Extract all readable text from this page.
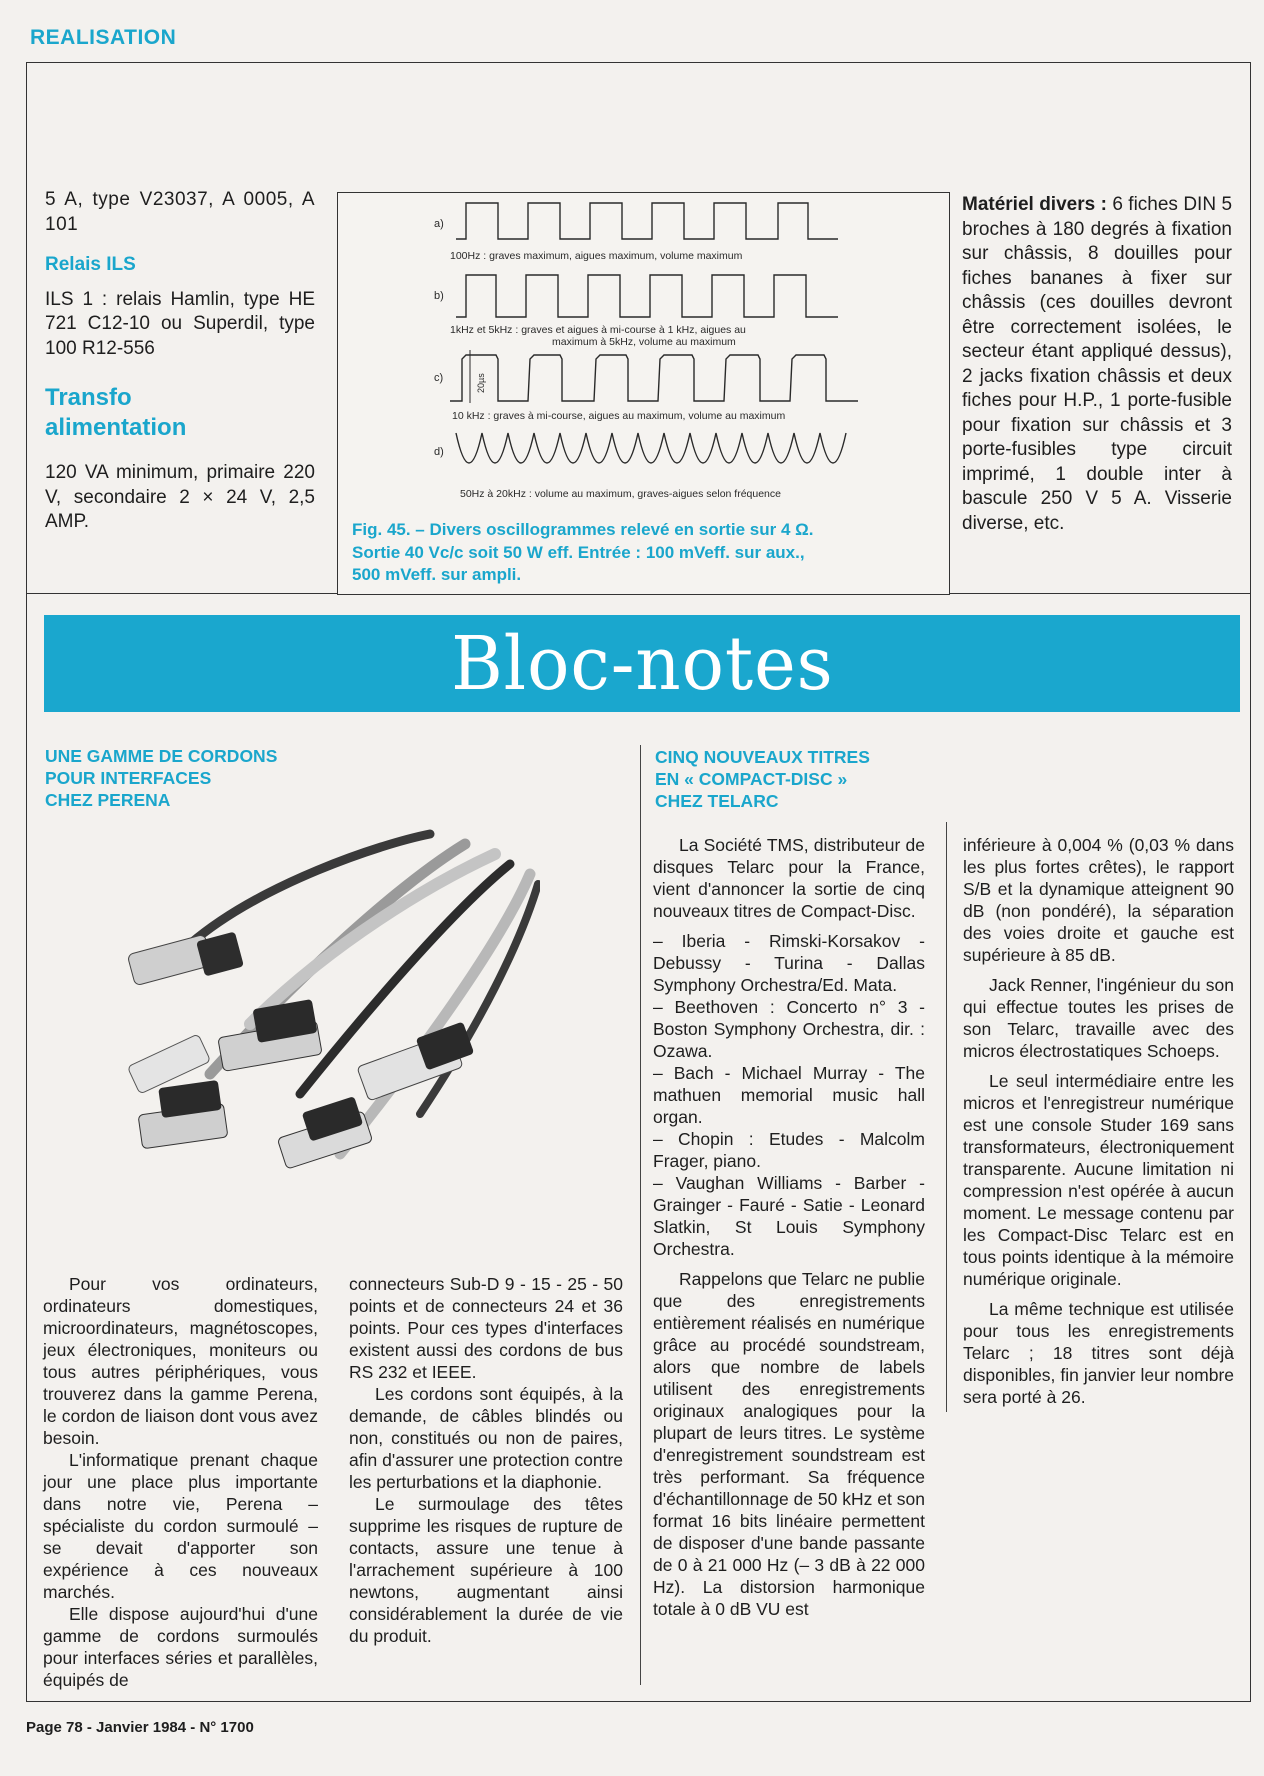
REALISATION

5 A, type V23037, A 0005, A 101

Relais ILS

ILS 1 : relais Hamlin, type HE 721 C12-10 ou Superdil, type 100 R12-556

Transfo alimentation

120 VA minimum, primaire 220 V, secondaire 2 × 24 V, 2,5 AMP.

a)
b)
c)
d)
100Hz : graves maximum, aigues maximum, volume maximum
1kHz et 5kHz : graves et aigues à mi-course à 1 kHz, aigues au
maximum à 5kHz, volume au maximum
20µs
10 kHz : graves à mi-course, aigues au maximum, volume au maximum
50Hz à 20kHz : volume au maximum, graves-aigues selon fréquence
Fig. 45. – Divers oscillogrammes relevé en sortie sur 4 Ω.
Sortie 40 Vc/c soit 50 W eff. Entrée : 100 mVeff. sur aux.,
500 mVeff. sur ampli.
Matériel divers : 6 fiches DIN 5 broches à 180 degrés à fixation sur châssis, 8 douilles pour fiches bananes à fixer sur châssis (ces douilles devront être correctement isolées, le secteur étant appliqué dessus), 2 jacks fixation châssis et deux fiches pour H.P., 1 porte-fusible pour fixation sur châssis et 3 porte-fusibles type circuit imprimé, 1 double inter à bascule 250 V 5 A. Visserie diverse, etc.
Bloc-notes
UNE GAMME DE CORDONS
POUR INTERFACES
CHEZ PERENA

Pour vos ordinateurs, ordinateurs domestiques, microordinateurs, magnétoscopes, jeux électroniques, moniteurs ou tous autres périphériques, vous trouverez dans la gamme Perena, le cordon de liaison dont vous avez besoin.

L'informatique prenant chaque jour une place plus importante dans notre vie, Perena – spécialiste du cordon surmoulé – se devait d'apporter son expérience à ces nouveaux marchés.

Elle dispose aujourd'hui d'une gamme de cordons surmoulés pour interfaces séries et parallèles, équipés de

connecteurs Sub-D 9 - 15 - 25 - 50 points et de connecteurs 24 et 36 points. Pour ces types d'interfaces existent aussi des cordons de bus RS 232 et IEEE.

Les cordons sont équipés, à la demande, de câbles blindés ou non, constitués ou non de paires, afin d'assurer une protection contre les perturbations et la diaphonie.

Le surmoulage des têtes supprime les risques de rupture de contacts, assure une tenue à l'arrachement supérieure à 100 newtons, augmentant ainsi considérablement la durée de vie du produit.

CINQ NOUVEAUX TITRES
EN « COMPACT-DISC »
CHEZ TELARC

La Société TMS, distributeur de disques Telarc pour la France, vient d'annoncer la sortie de cinq nouveaux titres de Compact-Disc.

– Iberia - Rimski-Korsakov - Debussy - Turina - Dallas Symphony Orchestra/Ed. Mata.

– Beethoven : Concerto n° 3 - Boston Symphony Orchestra, dir. : Ozawa.

– Bach - Michael Murray - The mathuen memorial music hall organ.

– Chopin : Etudes - Malcolm Frager, piano.

– Vaughan Williams - Barber - Grainger - Fauré - Satie - Leonard Slatkin, St Louis Symphony Orchestra.

Rappelons que Telarc ne publie que des enregistrements entièrement réalisés en numérique grâce au procédé soundstream, alors que nombre de labels utilisent des enregistrements originaux analogiques pour la plupart de leurs titres. Le système d'enregistrement soundstream est très performant. Sa fréquence d'échantillonnage de 50 kHz et son format 16 bits linéaire permettent de disposer d'une bande passante de 0 à 21 000 Hz (– 3 dB à 22 000 Hz). La distorsion harmonique totale à 0 dB VU est

inférieure à 0,004 % (0,03 % dans les plus fortes crêtes), le rapport S/B et la dynamique atteignent 90 dB (non pondéré), la séparation des voies droite et gauche est supérieure à 85 dB.

Jack Renner, l'ingénieur du son qui effectue toutes les prises de son Telarc, travaille avec des micros électrostatiques Schoeps.

Le seul intermédiaire entre les micros et l'enregistreur numérique est une console Studer 169 sans transformateurs, électroniquement transparente. Aucune limitation ni compression n'est opérée à aucun moment. Le message contenu par les Compact-Disc Telarc est en tous points identique à la mémoire numérique originale.

La même technique est utilisée pour tous les enregistrements Telarc ; 18 titres sont déjà disponibles, fin janvier leur nombre sera porté à 26.

Page 78 - Janvier 1984 - N° 1700
